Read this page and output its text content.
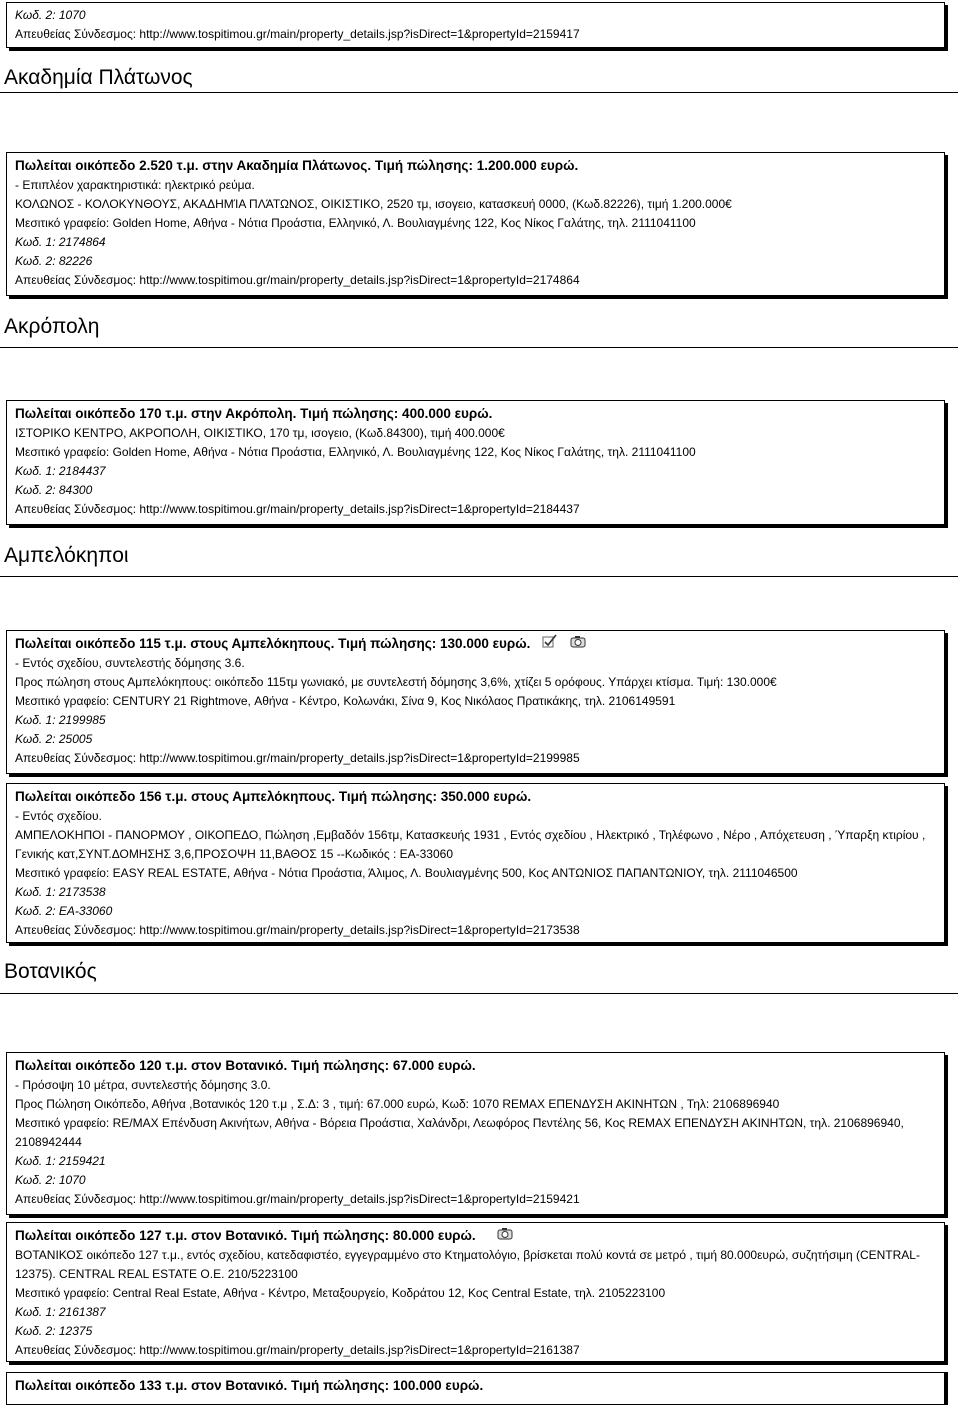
Κωδ. 2: 1070
Απευθείας Σύνδεσμος: http://www.tospitimou.gr/main/property_details.jsp?isDirect=1&propertyId=2159417
Ακαδημία Πλάτωνος
Πωλείται οικόπεδο 2.520 τ.μ. στην Ακαδημία Πλάτωνος. Τιμή πώλησης: 1.200.000 ευρώ.
- Επιπλέον χαρακτηριστικά: ηλεκτρικό ρεύμα.
ΚΟΛΩΝΟΣ - ΚΟΛΟΚΥΝΘΟΥΣ, ΑΚΑΔΗΜΊΑ ΠΛΆΤΩΝΟΣ, ΟΙΚΙΣΤΙΚΟ, 2520 τμ, ισογειο, κατασκευή 0000, (Κωδ.82226), τιμή 1.200.000€
Μεσιτικό γραφείο: Golden Home, Αθήνα - Νότια Προάστια, Ελληνικό, Λ. Βουλιαγμένης 122, Κος Νίκος Γαλάτης, τηλ. 2111041100
Κωδ. 1: 2174864
Κωδ. 2: 82226
Απευθείας Σύνδεσμος: http://www.tospitimou.gr/main/property_details.jsp?isDirect=1&propertyId=2174864
Ακρόπολη
Πωλείται οικόπεδο 170 τ.μ. στην Ακρόπολη. Τιμή πώλησης: 400.000 ευρώ.
ΙΣΤΟΡΙΚΟ ΚΕΝΤΡΟ, ΑΚΡΟΠΟΛΗ, ΟΙΚΙΣΤΙΚΟ, 170 τμ, ισογειο, (Κωδ.84300), τιμή 400.000€
Μεσιτικό γραφείο: Golden Home, Αθήνα - Νότια Προάστια, Ελληνικό, Λ. Βουλιαγμένης 122, Κος Νίκος Γαλάτης, τηλ. 2111041100
Κωδ. 1: 2184437
Κωδ. 2: 84300
Απευθείας Σύνδεσμος: http://www.tospitimou.gr/main/property_details.jsp?isDirect=1&propertyId=2184437
Αμπελόκηποι
Πωλείται οικόπεδο 115 τ.μ. στους Αμπελόκηπους. Τιμή πώλησης: 130.000 ευρώ.
- Εντός σχεδίου, συντελεστής δόμησης 3.6.
Προς πώληση στους Αμπελόκηπους: οικόπεδο 115τμ γωνιακό, με συντελεστή δόμησης 3,6%, χτίζει 5 ορόφους. Υπάρχει κτίσμα. Τιμή: 130.000€
Μεσιτικό γραφείο: CENTURY 21 Rightmove, Αθήνα - Κέντρο, Κολωνάκι, Σίνα 9, Κος Νικόλαος Πρατικάκης, τηλ. 2106149591
Κωδ. 1: 2199985
Κωδ. 2: 25005
Απευθείας Σύνδεσμος: http://www.tospitimou.gr/main/property_details.jsp?isDirect=1&propertyId=2199985
Πωλείται οικόπεδο 156 τ.μ. στους Αμπελόκηπους. Τιμή πώλησης: 350.000 ευρώ.
- Εντός σχεδίου.
ΑΜΠΕΛΟΚΗΠΟΙ - ΠΑΝΟΡΜΟΥ , ΟΙΚΟΠΕΔΟ, Πώληση ,Εμβαδόν 156τμ, Κατασκευής 1931 , Εντός σχεδίου , Ηλεκτρικό , Τηλέφωνο , Νέρο , Απόχετευση , Ύπαρξη κτιρίου , Γενικής κατ,ΣΥΝΤ.ΔΟΜΗΣΗΣ 3,6,ΠΡΟΣΟΨΗ 11,ΒΑΘΟΣ 15 --Κωδικός : EA-33060
Μεσιτικό γραφείο: EASY REAL ESTATE, Αθήνα - Νότια Προάστια, Άλιμος, Λ. Βουλιαγμένης 500, Κος ΑΝΤΩΝΙΟΣ ΠΑΠΑΝΤΩΝΙΟΥ, τηλ. 2111046500
Κωδ. 1: 2173538
Κωδ. 2: EA-33060
Απευθείας Σύνδεσμος: http://www.tospitimou.gr/main/property_details.jsp?isDirect=1&propertyId=2173538
Βοτανικός
Πωλείται οικόπεδο 120 τ.μ. στον Βοτανικό. Τιμή πώλησης: 67.000 ευρώ.
- Πρόσοψη 10 μέτρα, συντελεστής δόμησης 3.0.
Προς Πώληση Οικόπεδο, Αθήνα ,Βοτανικός 120 τ.μ , Σ.Δ: 3 , τιμή: 67.000 ευρώ, Κωδ: 1070 REMAX ΕΠΕΝΔΥΣΗ ΑΚΙΝΗΤΩΝ , Τηλ: 2106896940
Μεσιτικό γραφείο: RE/MAX Επένδυση Ακινήτων, Αθήνα - Βόρεια Προάστια, Χαλάνδρι, Λεωφόρος Πεντέλης 56, Κος REMAX ΕΠΕΝΔΥΣΗ ΑΚΙΝΗΤΩΝ, τηλ. 2106896940, 2108942444
Κωδ. 1: 2159421
Κωδ. 2: 1070
Απευθείας Σύνδεσμος: http://www.tospitimou.gr/main/property_details.jsp?isDirect=1&propertyId=2159421
Πωλείται οικόπεδο 127 τ.μ. στον Βοτανικό. Τιμή πώλησης: 80.000 ευρώ.
ΒΟΤΑΝΙΚΟΣ οικόπεδο 127 τ.μ., εντός σχεδίου, κατεδαφιστέο, εγγεγραμμένο στο Κτηματολόγιο, βρίσκεται πολύ κοντά σε μετρό , τιμή 80.000ευρώ, συζητήσιμη (CENTRAL-12375). CENTRAL REAL ESTATE O.E. 210/5223100
Μεσιτικό γραφείο: Central Real Estate, Αθήνα - Κέντρο, Μεταξουργείο, Κοδράτου 12, Κος Central Estate, τηλ. 2105223100
Κωδ. 1: 2161387
Κωδ. 2: 12375
Απευθείας Σύνδεσμος: http://www.tospitimou.gr/main/property_details.jsp?isDirect=1&propertyId=2161387
Πωλείται οικόπεδο 133 τ.μ. στον Βοτανικό. Τιμή πώλησης: 100.000 ευρώ.
